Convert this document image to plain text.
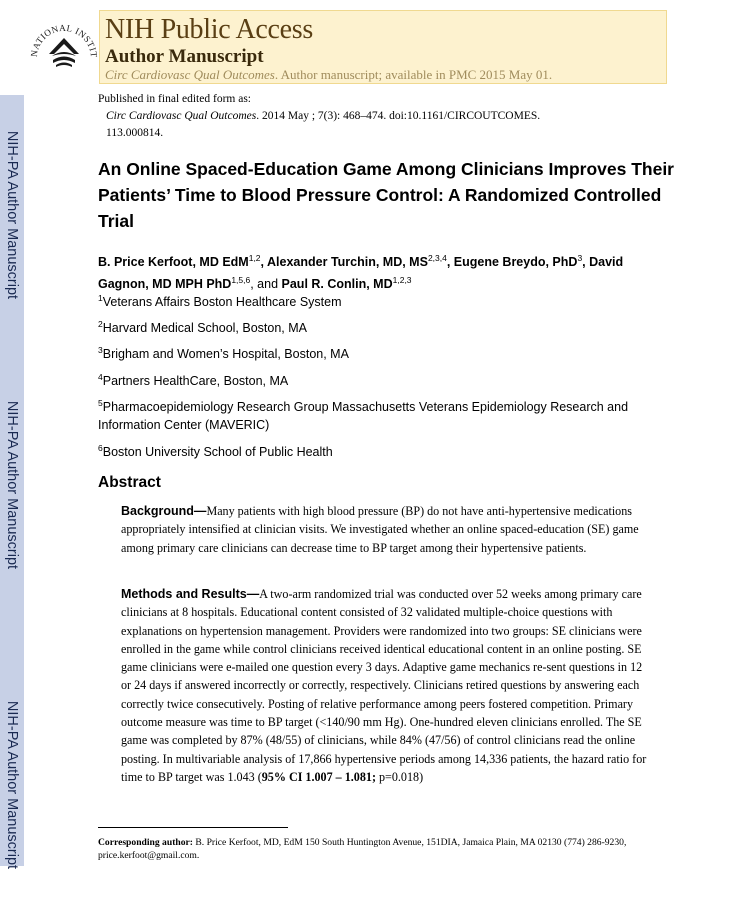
NIH-PA Author Manuscript
NIH-PA Author Manuscript
NIH-PA Author Manuscript
NATIONAL INSTIT
NIH Public Access
Author Manuscript
Circ Cardiovasc Qual Outcomes. Author manuscript; available in PMC 2015 May 01.
Published in final edited form as:
Circ Cardiovasc Qual Outcomes. 2014 May ; 7(3): 468–474. doi:10.1161/CIRCOUTCOMES.
113.000814.
An Online Spaced-Education Game Among Clinicians Improves Their Patients’ Time to Blood Pressure Control: A Randomized Controlled Trial
B. Price Kerfoot, MD EdM$^{1,2}$, Alexander Turchin, MD, MS$^{2,3,4}$, Eugene Breydo, PhD$^3$, David Gagnon, MD MPH PhD$^{1,5,6}$, and Paul R. Conlin, MD$^{1,2,3}$
$^1$Veterans Affairs Boston Healthcare System
$^2$Harvard Medical School, Boston, MA
$^3$Brigham and Women’s Hospital, Boston, MA
$^4$Partners HealthCare, Boston, MA
$^5$Pharmacoepidemiology Research Group Massachusetts Veterans Epidemiology Research and Information Center (MAVERIC)
$^6$Boston University School of Public Health
Abstract
Background—Many patients with high blood pressure (BP) do not have anti-hypertensive medications appropriately intensified at clinician visits. We investigated whether an online spaced-education (SE) game among primary care clinicians can decrease time to BP target among their hypertensive patients.
Methods and Results—A two-arm randomized trial was conducted over 52 weeks among primary care clinicians at 8 hospitals. Educational content consisted of 32 validated multiple-choice questions with explanations on hypertension management. Providers were randomized into two groups: SE clinicians were enrolled in the game while control clinicians received identical educational content in an online posting. SE game clinicians were e-mailed one question every 3 days. Adaptive game mechanics re-sent questions in 12 or 24 days if answered incorrectly or correctly, respectively. Clinicians retired questions by answering each correctly twice consecutively. Posting of relative performance among peers fostered competition. Primary outcome measure was time to BP target (<140/90 mm Hg). One-hundred eleven clinicians enrolled. The SE game was completed by 87% (48/55) of clinicians, while 84% (47/56) of control clinicians read the online posting. In multivariable analysis of 17,866 hypertensive periods among 14,336 patients, the hazard ratio for time to BP target was 1.043 (95% CI 1.007 – 1.081; p=0.018)
Corresponding author: B. Price Kerfoot, MD, EdM 150 South Huntington Avenue, 151DIA, Jamaica Plain, MA 02130 (774) 286-9230, price.kerfoot@gmail.com.
